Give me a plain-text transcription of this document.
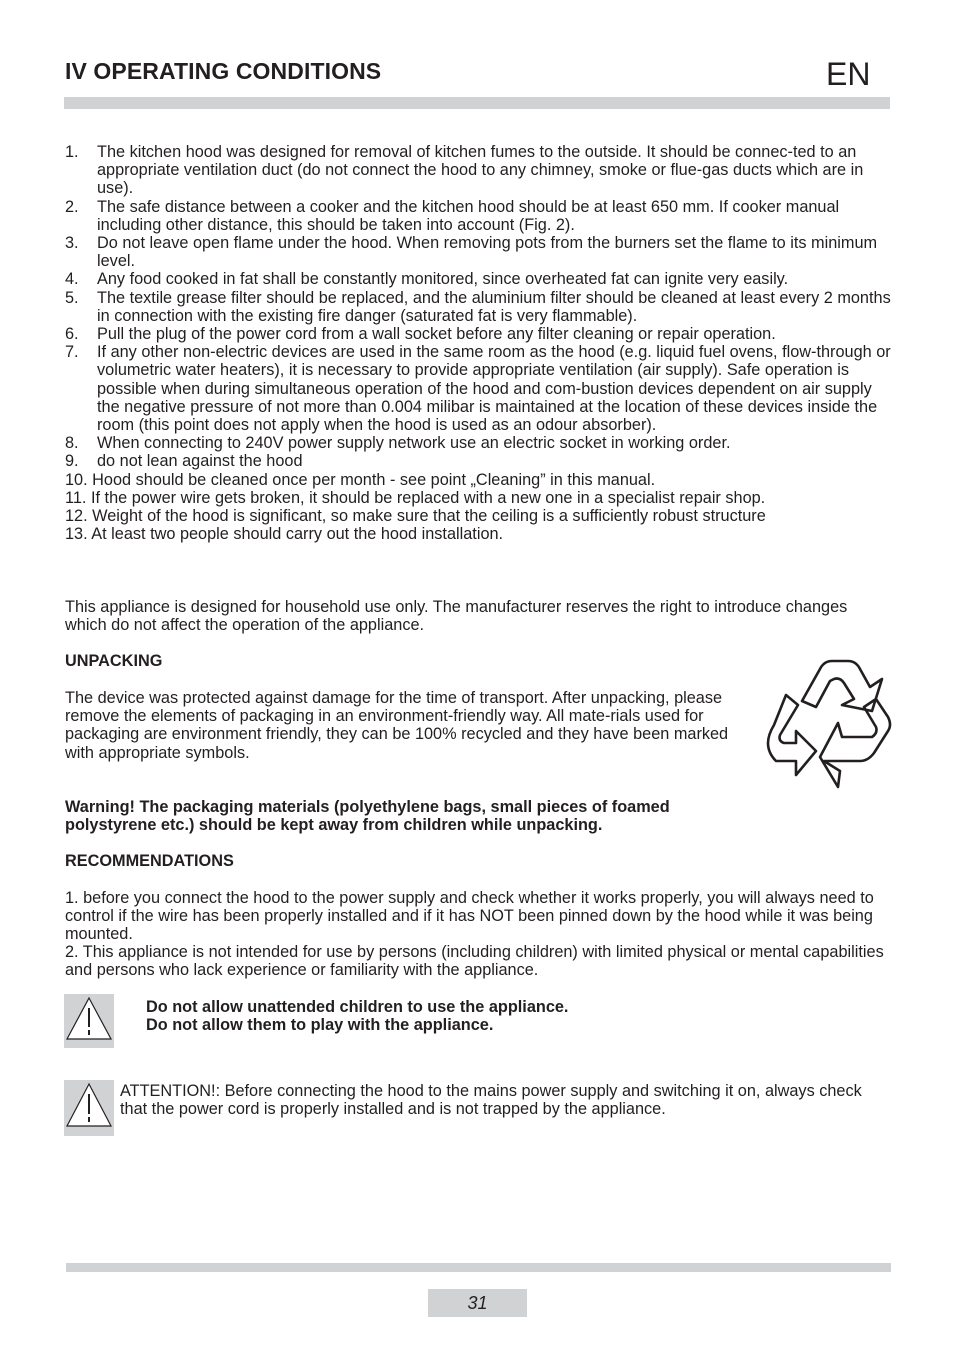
IV OPERATING CONDITIONS	EN
1. The kitchen hood was designed for removal of kitchen fumes to the outside. It should be connec-ted to an appropriate ventilation duct (do not connect the hood to any chimney, smoke or flue-gas ducts which are in use).
2. The safe distance between a cooker and the kitchen hood should be at least 650 mm. If cooker manual including other distance, this should be taken into account (Fig. 2).
3. Do not leave open flame under the hood. When removing pots from the burners set the flame to its minimum level.
4. Any food cooked in fat shall be constantly monitored, since overheated fat can ignite very easily.
5. The textile grease filter should be replaced, and the aluminium filter should be cleaned at least every 2 months in connection with the existing fire danger (saturated fat is very flammable).
6. Pull the plug of the power cord from a wall socket before any filter cleaning or repair operation.
7. If any other non-electric devices are used in the same room as the hood (e.g. liquid fuel ovens, flow-through or volumetric water heaters), it is necessary to provide appropriate ventilation (air supply). Safe operation is possible when during simultaneous operation of the hood and com-bustion devices dependent on air supply the negative pressure of not more than 0.004 milibar is maintained at the location of these devices inside the room (this point does not apply when the hood is used as an odour absorber).
8. When connecting to 240V power supply network use an electric socket in working order.
9. do not lean against the hood
10. Hood should be cleaned once per month - see point „Cleaning” in this manual.
11. If the power wire gets broken, it should be replaced with a new one in a specialist repair shop.
12. Weight of the hood is significant, so make sure that the ceiling is a sufficiently robust structure
13. At least two people should carry out the hood installation.

This appliance is designed for household use only. The manufacturer reserves the right to introduce changes which do not affect the operation of the appliance.

UNPACKING

The device was protected against damage for the time of transport. After unpacking, please remove the elements of packaging in an environment-friendly way. All mate-rials used for packaging are environment friendly, they can be 100% recycled and they have been marked with appropriate symbols.

Warning! The packaging materials (polyethylene bags, small pieces of foamed polystyrene etc.) should be kept away from children while unpacking.

RECOMMENDATIONS

1. before you connect the hood to the power supply and check whether it works properly, you will always need to control if the wire has been properly installed and if it has NOT been pinned down by the hood while it was being mounted.

2. This appliance is not intended for use by persons (including children) with limited physical or mental capabilities and persons who lack experience or familiarity with the appliance.

Do not allow unattended children to use the appliance.
Do not allow them to play with the appliance.

ATTENTION!: Before connecting the hood to the mains power supply and switching it on, always check that the power cord is properly installed and is not trapped by the appliance.

31
